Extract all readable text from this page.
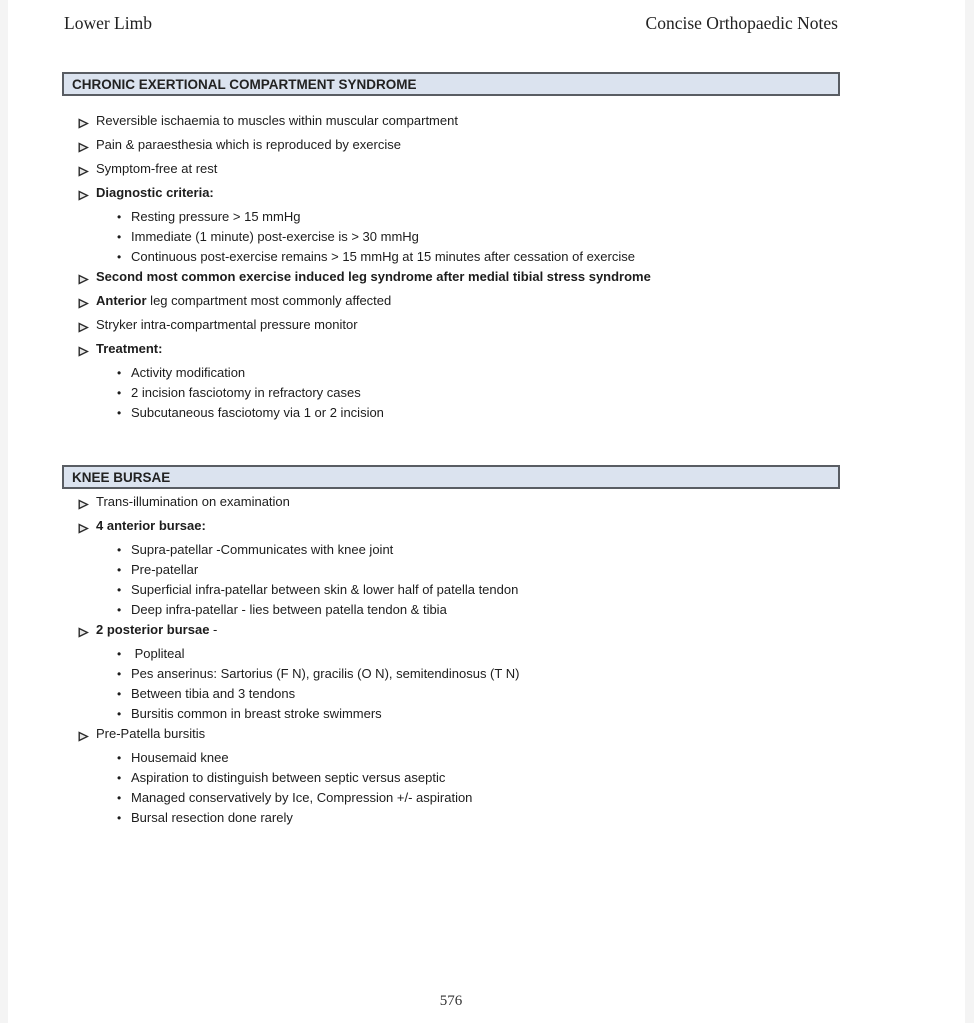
Lower Limb	Concise Orthopaedic Notes
CHRONIC EXERTIONAL COMPARTMENT SYNDROME
Reversible ischaemia to muscles within muscular compartment
Pain & paraesthesia which is reproduced by exercise
Symptom-free at rest
Diagnostic criteria:
• Resting pressure > 15 mmHg
• Immediate (1 minute) post-exercise is > 30 mmHg
• Continuous post-exercise remains > 15 mmHg at 15 minutes after cessation of exercise
Second most common exercise induced leg syndrome after medial tibial stress syndrome
Anterior leg compartment most commonly affected
Stryker intra-compartmental pressure monitor
Treatment:
• Activity modification
• 2 incision fasciotomy in refractory cases
• Subcutaneous fasciotomy via 1 or 2 incision
KNEE BURSAE
Trans-illumination on examination
4 anterior bursae:
• Supra-patellar -Communicates with knee joint
• Pre-patellar
• Superficial infra-patellar between skin & lower half of patella tendon
• Deep infra-patellar - lies between patella tendon & tibia
2 posterior bursae -
• Popliteal
• Pes anserinus: Sartorius (F N), gracilis (O N), semitendinosus (T N)
• Between tibia and 3 tendons
• Bursitis common in breast stroke swimmers
Pre-Patella bursitis
• Housemaid knee
• Aspiration to distinguish between septic versus aseptic
• Managed conservatively by Ice, Compression +/- aspiration
• Bursal resection done rarely
576
